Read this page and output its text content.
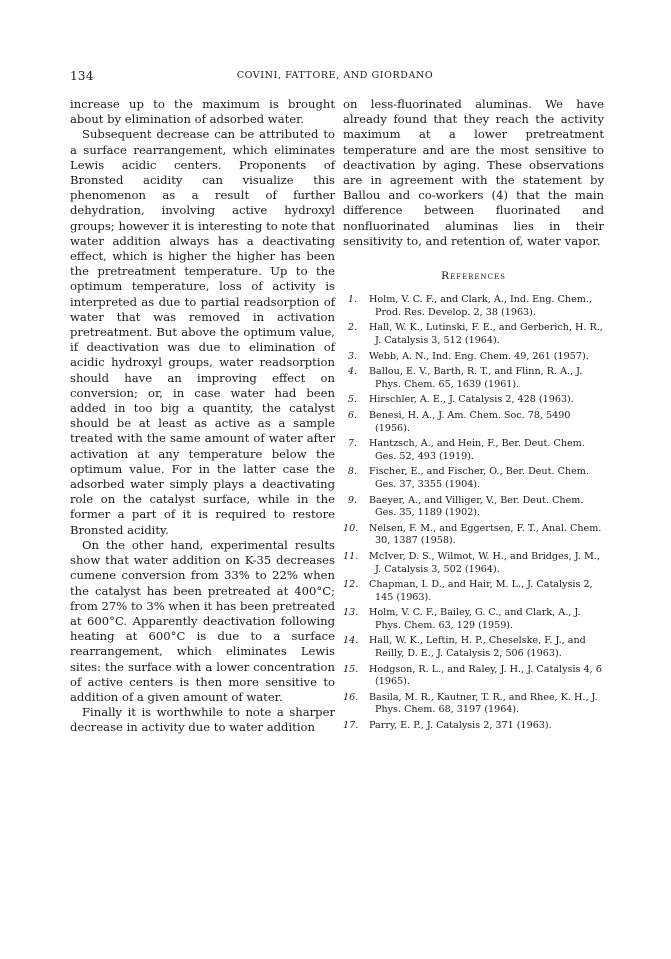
134	COVINI, FATTORE, AND GIORDANO

increase up to the maximum is brought about by elimination of adsorbed water.

Subsequent decrease can be attributed to a surface rearrangement, which eliminates Lewis acidic centers. Proponents of Bronsted acidity can visualize this phenomenon as a result of further dehydration, involving active hydroxyl groups; however it is interesting to note that water addition always has a deactivating effect, which is higher the higher has been the pretreatment temperature. Up to the optimum temperature, loss of activity is interpreted as due to partial readsorption of water that was removed in activation pretreatment. But above the optimum value, if deactivation was due to elimination of acidic hydroxyl groups, water readsorption should have an improving effect on conversion; or, in case water had been added in too big a quantity, the catalyst should be at least as active as a sample treated with the same amount of water after activation at any temperature below the optimum value. For in the latter case the adsorbed water simply plays a deactivating role on the catalyst surface, while in the former a part of it is required to restore Bronsted acidity.

On the other hand, experimental results show that water addition on K-35 decreases cumene conversion from 33% to 22% when the catalyst has been pretreated at 400°C; from 27% to 3% when it has been pretreated at 600°C. Apparently deactivation following heating at 600°C is due to a surface rearrangement, which eliminates Lewis sites: the surface with a lower concentration of active centers is then more sensitive to addition of a given amount of water.

Finally it is worthwhile to note a sharper decrease in activity due to water addition

on less-fluorinated aluminas. We have already found that they reach the activity maximum at a lower pretreatment temperature and are the most sensitive to deactivation by aging. These observations are in agreement with the statement by Ballou and co-workers (4) that the main difference between fluorinated and nonfluorinated aluminas lies in their sensitivity to, and retention of, water vapor.

References
1. Holm, V. C. F., and Clark, A., Ind. Eng. Chem., Prod. Res. Develop. 2, 38 (1963).
2. Hall, W. K., Lutinski, F. E., and Gerberich, H. R., J. Catalysis 3, 512 (1964).
3. Webb, A. N., Ind. Eng. Chem. 49, 261 (1957).
4. Ballou, E. V., Barth, R. T., and Flinn, R. A., J. Phys. Chem. 65, 1639 (1961).
5. Hirschler, A. E., J. Catalysis 2, 428 (1963).
6. Benesi, H. A., J. Am. Chem. Soc. 78, 5490 (1956).
7. Hantzsch, A., and Hein, F., Ber. Deut. Chem. Ges. 52, 493 (1919).
8. Fischer, E., and Fischer, O., Ber. Deut. Chem. Ges. 37, 3355 (1904).
9. Baeyer, A., and Villiger, V., Ber. Deut. Chem. Ges. 35, 1189 (1902).
10. Nelsen, F. M., and Eggertsen, F. T., Anal. Chem. 30, 1387 (1958).
11. McIver, D. S., Wilmot, W. H., and Bridges, J. M., J. Catalysis 3, 502 (1964).
12. Chapman, I. D., and Hair, M. L., J. Catalysis 2, 145 (1963).
13. Holm, V. C. F., Bailey, G. C., and Clark, A., J. Phys. Chem. 63, 129 (1959).
14. Hall, W. K., Leftin, H. P., Cheselske, F. J., and Reilly, D. E., J. Catalysis 2, 506 (1963).
15. Hodgson, R. L., and Raley, J. H., J. Catalysis 4, 6 (1965).
16. Basila, M. R., Kautner, T. R., and Rhee, K. H., J. Phys. Chem. 68, 3197 (1964).
17. Parry, E. P., J. Catalysis 2, 371 (1963).
